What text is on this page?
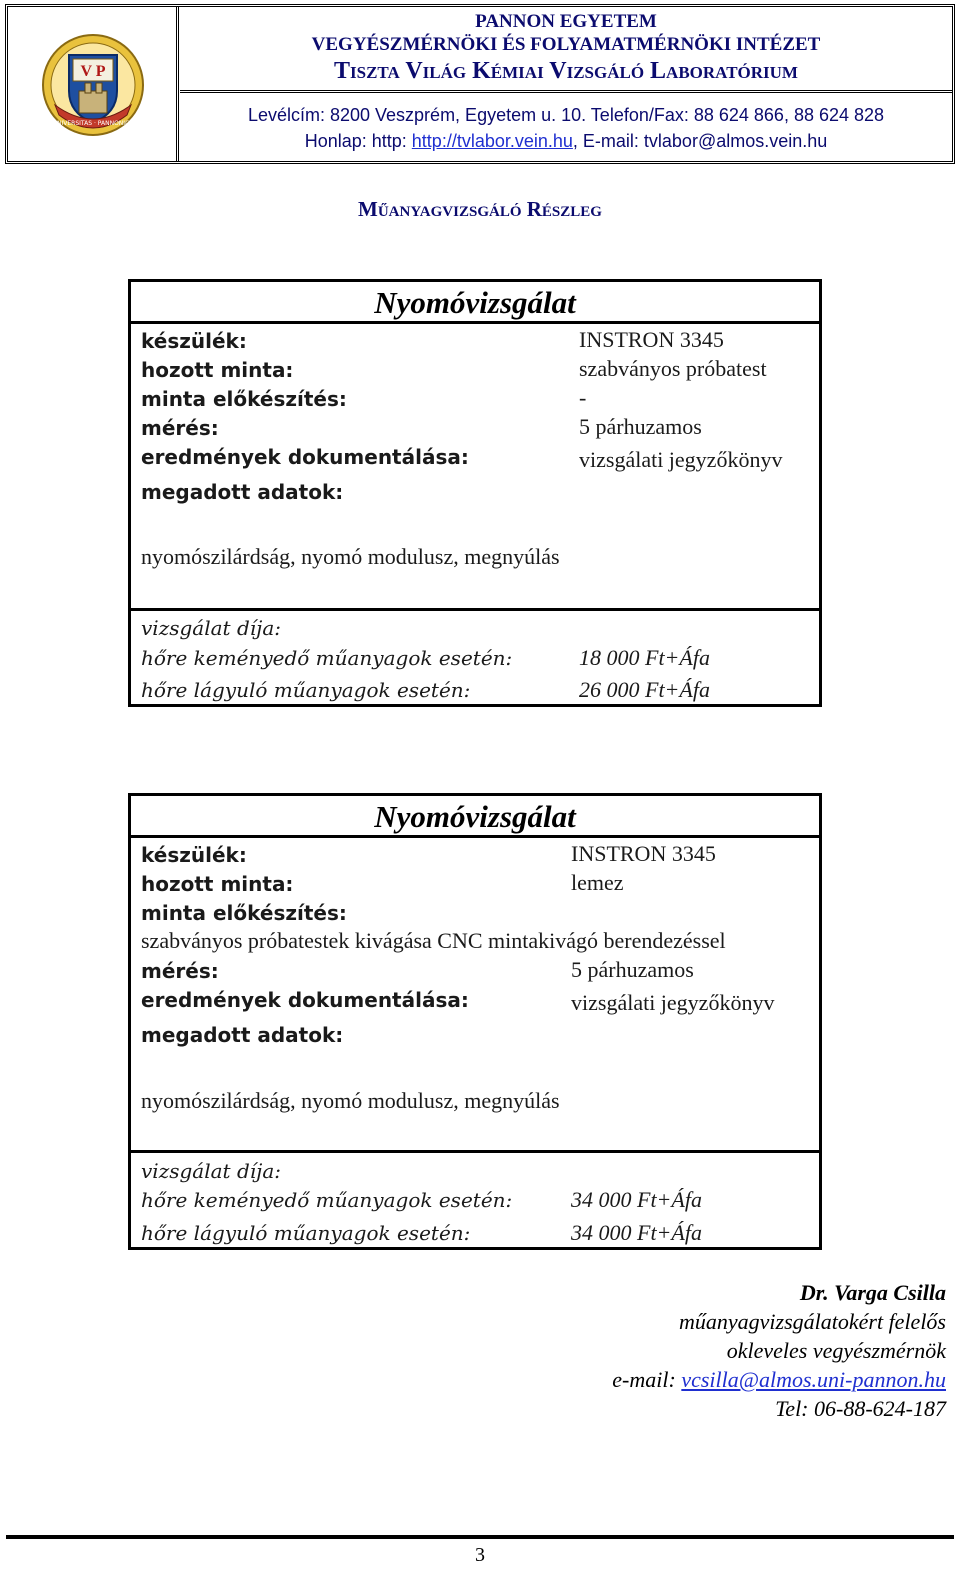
V P
UNIVERSITAS · PANNONICA
PANNON EGYETEM
VEGYÉSZMÉRNÖKI ÉS FOLYAMATMÉRNÖKI INTÉZET
Tiszta Világ Kémiai Vizsgáló Laboratórium
Levélcím: 8200 Veszprém, Egyetem u. 10. Telefon/Fax: 88 624 866, 88 624 828
Honlap: http: http://tvlabor.vein.hu, E-mail: tvlabor@almos.vein.hu
Műanyagvizsgáló Részleg
Nyomóvizsgálat
készülék:	INSTRON 3345
hozott minta:	szabványos próbatest
minta előkészítés:	-
mérés:	5 párhuzamos
eredmények dokumentálása:	vizsgálati jegyzőkönyv
megadott adatok:
nyomószilárdság, nyomó modulusz, megnyúlás
vizsgálat díja:
hőre keményedő műanyagok esetén:	18 000 Ft+Áfa
hőre lágyuló műanyagok esetén:	26 000 Ft+Áfa
Nyomóvizsgálat
készülék:	INSTRON 3345
hozott minta:	lemez
minta előkészítés:
szabványos próbatestek kivágása CNC mintakivágó berendezéssel
mérés:	5 párhuzamos
eredmények dokumentálása:	vizsgálati jegyzőkönyv
megadott adatok:
nyomószilárdság, nyomó modulusz, megnyúlás
vizsgálat díja:
hőre keményedő műanyagok esetén:	34 000 Ft+Áfa
hőre lágyuló műanyagok esetén:	34 000 Ft+Áfa
Dr. Varga Csilla
műanyagvizsgálatokért felelős
okleveles vegyészmérnök
e-mail: vcsilla@almos.uni-pannon.hu
Tel: 06-88-624-187
3
